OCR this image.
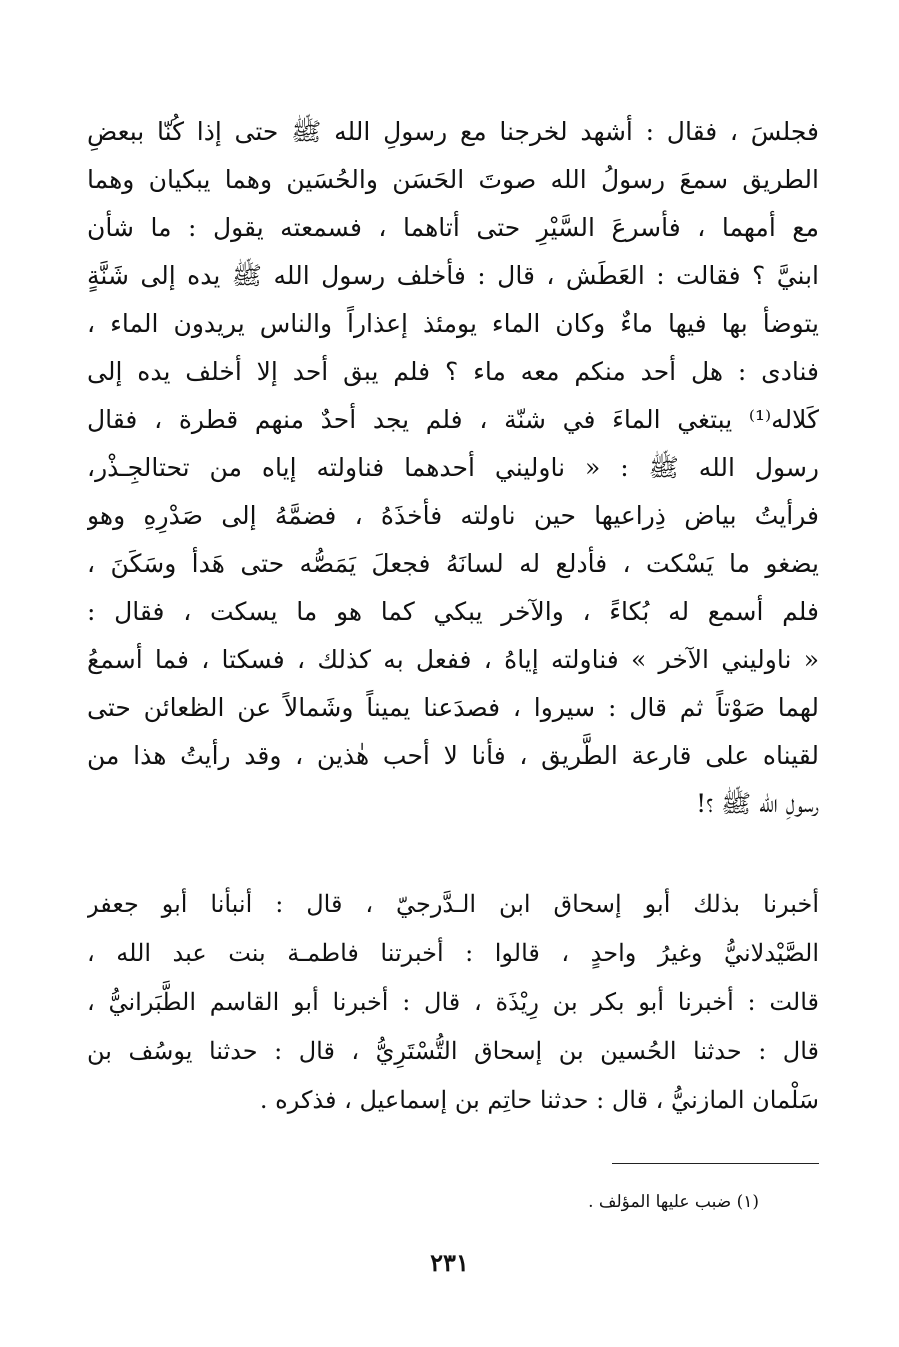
فجلسَ ، فقال : أشهد لخرجنا مع رسولِ الله ﷺ حتى إذا كُنّا ببعضِ
الطريق سمعَ رسولُ الله صوتَ الحَسَن والحُسَين وهما يبكيان وهما
مع أمهما ، فأسرعَ السَّيْرِ حتى أتاهما ، فسمعته يقول : ما شأن
ابنيَّ ؟ فقالت : العَطَش ، قال : فأخلف رسول الله ﷺ يده إلى شَنَّةٍ
يتوضأ بها فيها ماءٌ وكان الماء يومئذ إعذاراً والناس يريدون الماء ،
فنادى : هل أحد منكم معه ماء ؟ فلم يبق أحد إلا أخلف يده إلى
كَلاله⁽¹⁾ يبتغي الماءَ في شنّة ، فلم يجد أحدٌ منهم قطرة ، فقال
رسول الله ﷺ : « ناوليني أحدهما فناولته إياه من تحتالجِـذْر،
فرأيتُ بياض ذِراعيها حين ناولته فأخذَهُ ، فضمَّهُ إلى صَدْرِهِ وهو
يضغو ما يَسْكت ، فأدلع له لسانَهُ فجعلَ يَمَصُّه حتى هَدأ وسَكَنَ ،
فلم أسمع له بُكاءً ، والآخر يبكي كما هو ما يسكت ، فقال :
« ناوليني الآخر » فناولته إياهُ ، ففعل به كذلك ، فسكتا ، فما أسمعُ
لهما صَوْتاً ثم قال : سيروا ، فصدَعنا يميناً وشَمالاً عن الظعائن حتى
لقيناه على قارعة الطَّريق ، فأنا لا أحب هٰذين ، وقد رأيتُ هذا من
رسولِ الله ﷺ ؟!
أخبرنا بذلك أبو إسحاق ابن الـدَّرجيّ ، قال : أنبأنا أبو جعفر
الصَّيْدلانيُّ وغيرُ واحدٍ ، قالوا : أخبرتنا فاطمـة بنت عبد الله ،
قالت : أخبرنا أبو بكر بن رِيْذَة ، قال : أخبرنا أبو القاسم الطَّبَرانيُّ ،
قال : حدثنا الحُسين بن إسحاق التُّسْتَرِيُّ ، قال : حدثنا يوسُف بن
سَلْمان المازنيُّ ، قال : حدثنا حاتِم بن إسماعيل ، فذكره .
(١) ضبب عليها المؤلف .
٢٣١
